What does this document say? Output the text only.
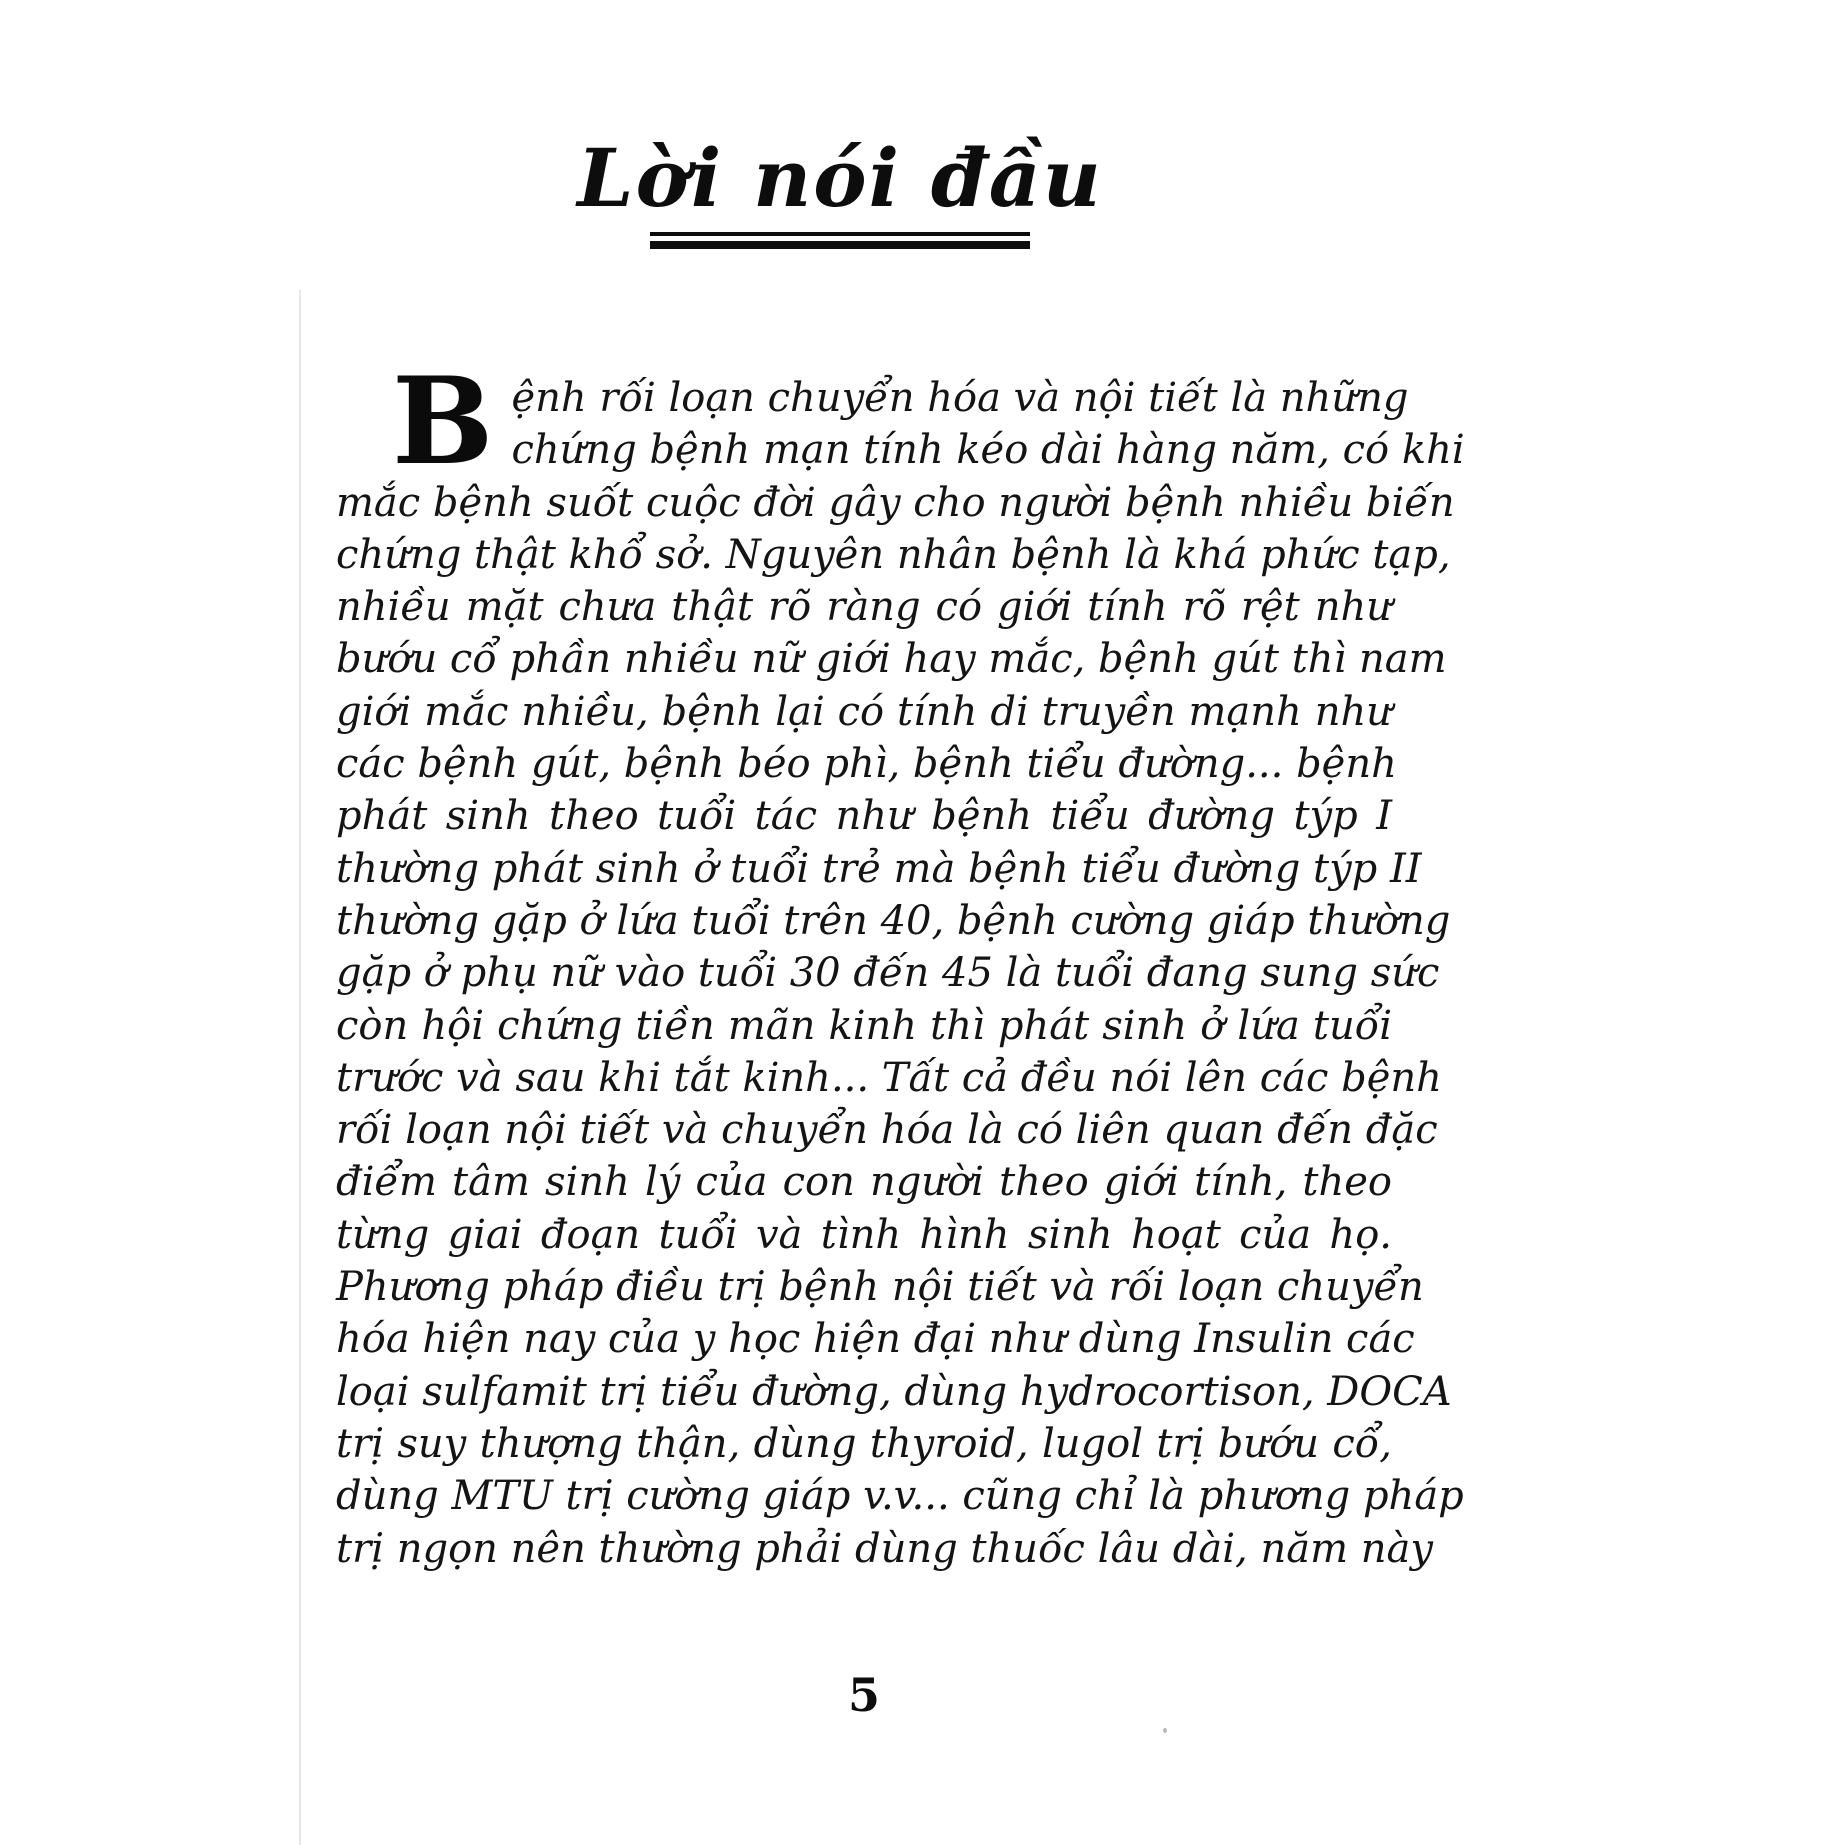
Lời nói đầu
B ệnh rối loạn chuyển hóa và nội tiết là những
chứng bệnh mạn tính kéo dài hàng năm, có khi
mắc bệnh suốt cuộc đời gây cho người bệnh nhiều biến
chứng thật khổ sở. Nguyên nhân bệnh là khá phức tạp,
nhiều mặt chưa thật rõ ràng có giới tính rõ rệt như
bướu cổ phần nhiều nữ giới hay mắc, bệnh gút thì nam
giới mắc nhiều, bệnh lại có tính di truyền mạnh như
các bệnh gút, bệnh béo phì, bệnh tiểu đường... bệnh
phát sinh theo tuổi tác như bệnh tiểu đường týp I
thường phát sinh ở tuổi trẻ mà bệnh tiểu đường týp II
thường gặp ở lứa tuổi trên 40, bệnh cường giáp thường
gặp ở phụ nữ vào tuổi 30 đến 45 là tuổi đang sung sức
còn hội chứng tiền mãn kinh thì phát sinh ở lứa tuổi
trước và sau khi tắt kinh... Tất cả đều nói lên các bệnh
rối loạn nội tiết và chuyển hóa là có liên quan đến đặc
điểm tâm sinh lý của con người theo giới tính, theo
từng giai đoạn tuổi và tình hình sinh hoạt của họ.
Phương pháp điều trị bệnh nội tiết và rối loạn chuyển
hóa hiện nay của y học hiện đại như dùng Insulin các
loại sulfamit trị tiểu đường, dùng hydrocortison, DOCA
trị suy thượng thận, dùng thyroid, lugol trị bướu cổ,
dùng MTU trị cường giáp v.v... cũng chỉ là phương pháp
trị ngọn nên thường phải dùng thuốc lâu dài, năm này
5
